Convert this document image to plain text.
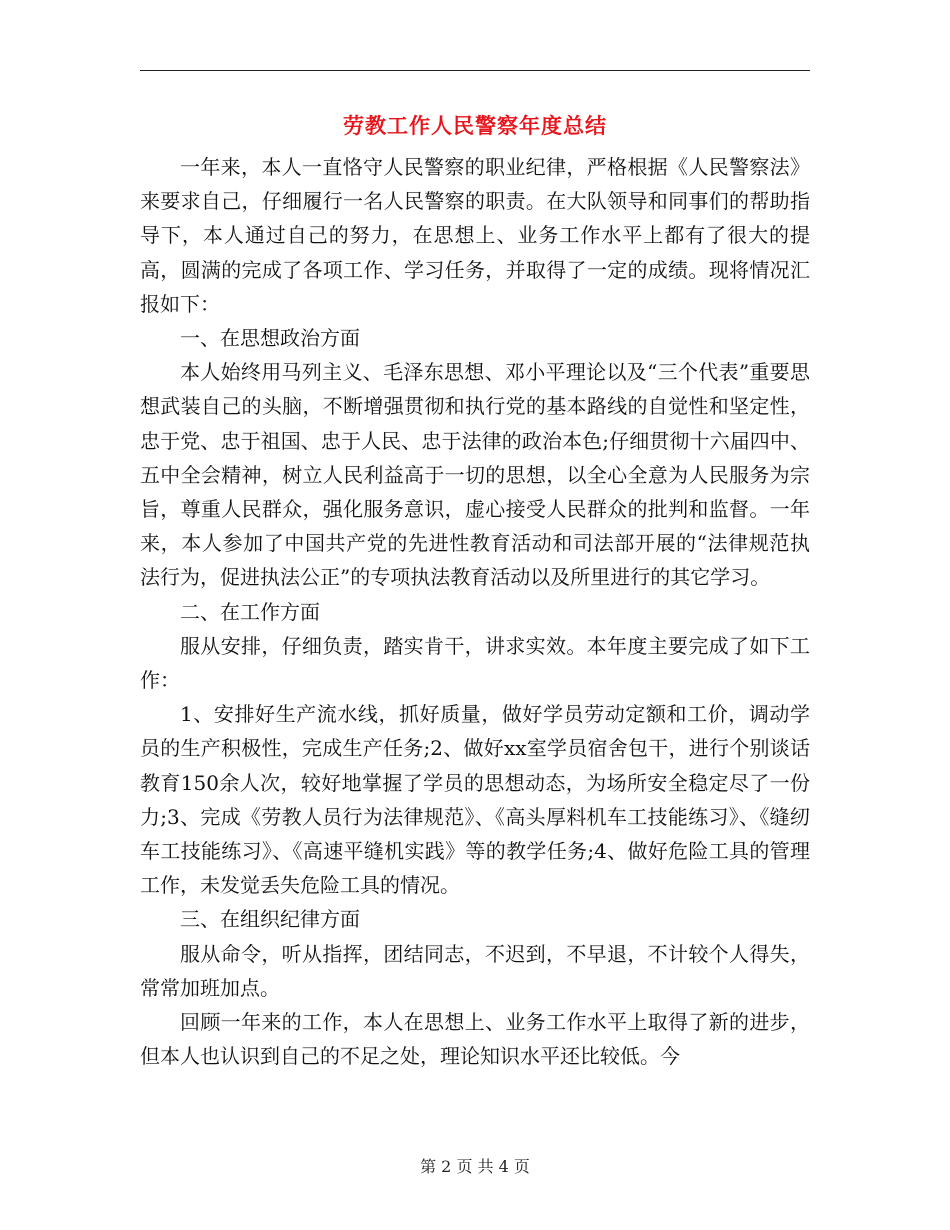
劳教工作人民警察年度总结

一年来，本人一直恪守人民警察的职业纪律，严格根据《人民警察法》来要求自己，仔细履行一名人民警察的职责。在大队领导和同事们的帮助指导下，本人通过自己的努力，在思想上、业务工作水平上都有了很大的提高，圆满的完成了各项工作、学习任务，并取得了一定的成绩。现将情况汇报如下：

一、在思想政治方面

本人始终用马列主义、毛泽东思想、邓小平理论以及“三个代表”重要思想武装自己的头脑，不断增强贯彻和执行党的基本路线的自觉性和坚定性，忠于党、忠于祖国、忠于人民、忠于法律的政治本色;仔细贯彻十六届四中、五中全会精神，树立人民利益高于一切的思想，以全心全意为人民服务为宗旨，尊重人民群众，强化服务意识，虚心接受人民群众的批判和监督。一年来，本人参加了中国共产党的先进性教育活动和司法部开展的“法律规范执法行为，促进执法公正”的专项执法教育活动以及所里进行的其它学习。

二、在工作方面

服从安排，仔细负责，踏实肯干，讲求实效。本年度主要完成了如下工作：

1、安排好生产流水线，抓好质量，做好学员劳动定额和工价，调动学员的生产积极性，完成生产任务;2、做好xx室学员宿舍包干，进行个别谈话教育150余人次，较好地掌握了学员的思想动态，为场所安全稳定尽了一份力;3、完成《劳教人员行为法律规范》、《高头厚料机车工技能练习》、《缝纫车工技能练习》、《高速平缝机实践》等的教学任务;4、做好危险工具的管理工作，未发觉丢失危险工具的情况。

三、在组织纪律方面

服从命令，听从指挥，团结同志，不迟到，不早退，不计较个人得失，常常加班加点。

回顾一年来的工作，本人在思想上、业务工作水平上取得了新的进步，但本人也认识到自己的不足之处，理论知识水平还比较低。今

第 2 页 共 4 页
